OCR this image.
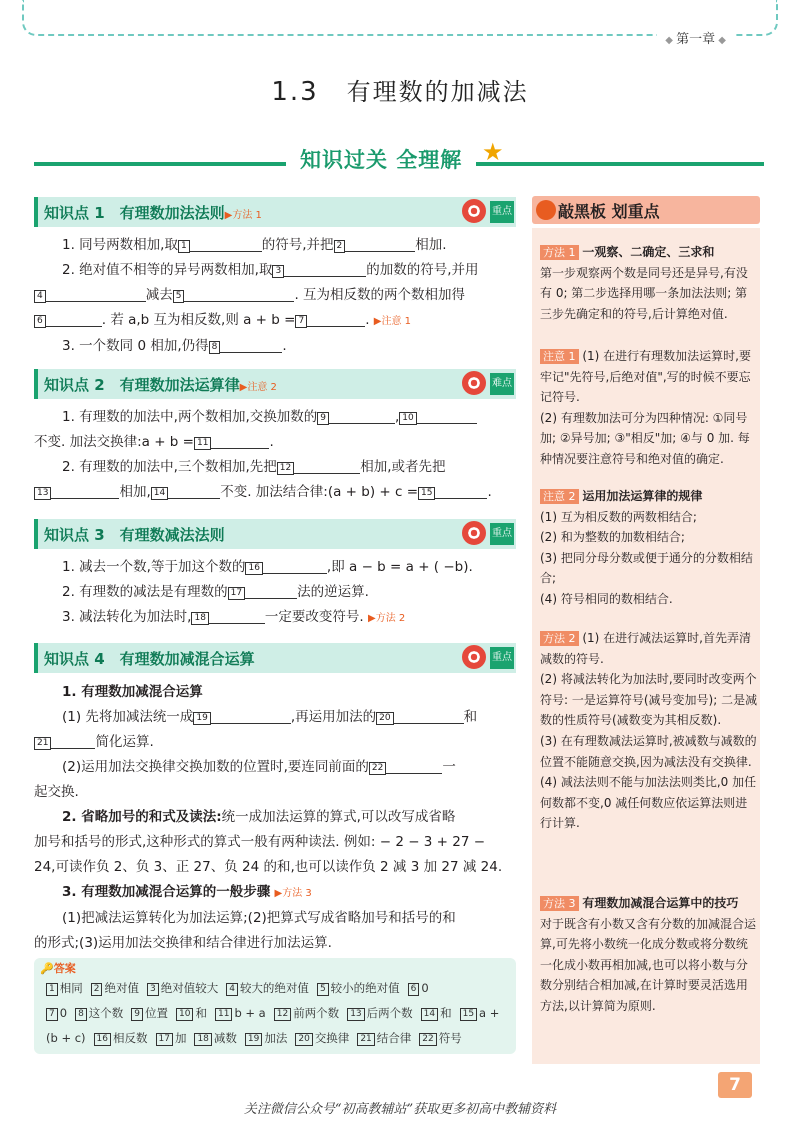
◆ 第一章 ◆
1.3 有理数的加减法
知识过关 全理解 ★
知识点 1　有理数加法法则▶方法 1	重点
1. 同号两数相加,取 1	的符号,并把 2	相加.
2. 绝对值不相等的异号两数相加,取 3	的加数的符号,并用
4	减去 5	. 互为相反数的两个数相加得
6	. 若 a,b 互为相反数,则 a + b = 7	. ▶注意 1
3. 一个数同 0 相加,仍得 8	.
知识点 2　有理数加法运算律▶注意 2	难点
1. 有理数的加法中,两个数相加,交换加数的 9	, 10
不变. 加法交换律:a + b = 11	.
2. 有理数的加法中,三个数相加,先把 12	相加,或者先把
13	相加, 14	不变. 加法结合律:(a + b) + c = 15	.
知识点 3　有理数减法法则	重点
1. 减去一个数,等于加这个数的 16	,即 a − b = a + ( −b).
2. 有理数的减法是有理数的 17	法的逆运算.
3. 减法转化为加法时, 18	一定要改变符号. ▶方法 2
知识点 4　有理数加减混合运算	重点
1. 有理数加减混合运算
(1) 先将加减法统一成 19	,再运用加法的 20	和
21	简化运算.
(2)运用加法交换律交换加数的位置时,要连同前面的 22	一
起交换.
2. 省略加号的和式及读法:统一成加法运算的算式,可以改写成省略
加号和括号的形式,这种形式的算式一般有两种读法. 例如: − 2 − 3 + 27 −
24,可读作负 2、负 3、正 27、负 24 的和,也可以读作负 2 减 3 加 27 减 24.
3. 有理数加减混合运算的一般步骤 ▶方法 3
(1)把减法运算转化为加法运算;(2)把算式写成省略加号和括号的和
的形式;(3)运用加法交换律和结合律进行加法运算.
🔑答案
1 相同 2 绝对值 3 绝对值较大 4 较大的绝对值 5 较小的绝对值 6 0
7 0 8 这个数 9 位置 10 和 11 b + a 12 前两个数 13 后两个数 14 和 15 a +
(b + c) 16 相反数 17 加 18 减数 19 加法 20 交换律 21 结合律 22 符号
敲黑板 划重点
方法 1 一观察、二确定、三求和
第一步观察两个数是同号还是异号,有没有 0; 第二步选择用哪一条加法法则; 第三步先确定和的符号,后计算绝对值.
注意 1 (1) 在进行有理数加法运算时,要牢记"先符号,后绝对值",写的时候不要忘记符号.
(2) 有理数加法可分为四种情况: ①同号加; ②异号加; ③"相反"加; ④与 0 加. 每种情况要注意符号和绝对值的确定.
注意 2 运用加法运算律的规律
(1) 互为相反数的两数相结合;
(2) 和为整数的加数相结合;
(3) 把同分母分数或便于通分的分数相结合;
(4) 符号相同的数相结合.
方法 2 (1) 在进行减法运算时,首先弄清减数的符号.
(2) 将减法转化为加法时,要同时改变两个符号: 一是运算符号(减号变加号); 二是减数的性质符号(减数变为其相反数).
(3) 在有理数减法运算时,被减数与减数的位置不能随意交换,因为减法没有交换律.
(4) 减法法则不能与加法法则类比,0 加任何数都不变,0 减任何数应依运算法则进行计算.
方法 3 有理数加减混合运算中的技巧
对于既含有小数又含有分数的加减混合运算,可先将小数统一化成分数或将分数统一化成小数再相加减,也可以将小数与分数分别结合相加减,在计算时要灵活选用方法,以计算简为原则.
7
关注微信公众号“初高教辅站”获取更多初高中教辅资料
